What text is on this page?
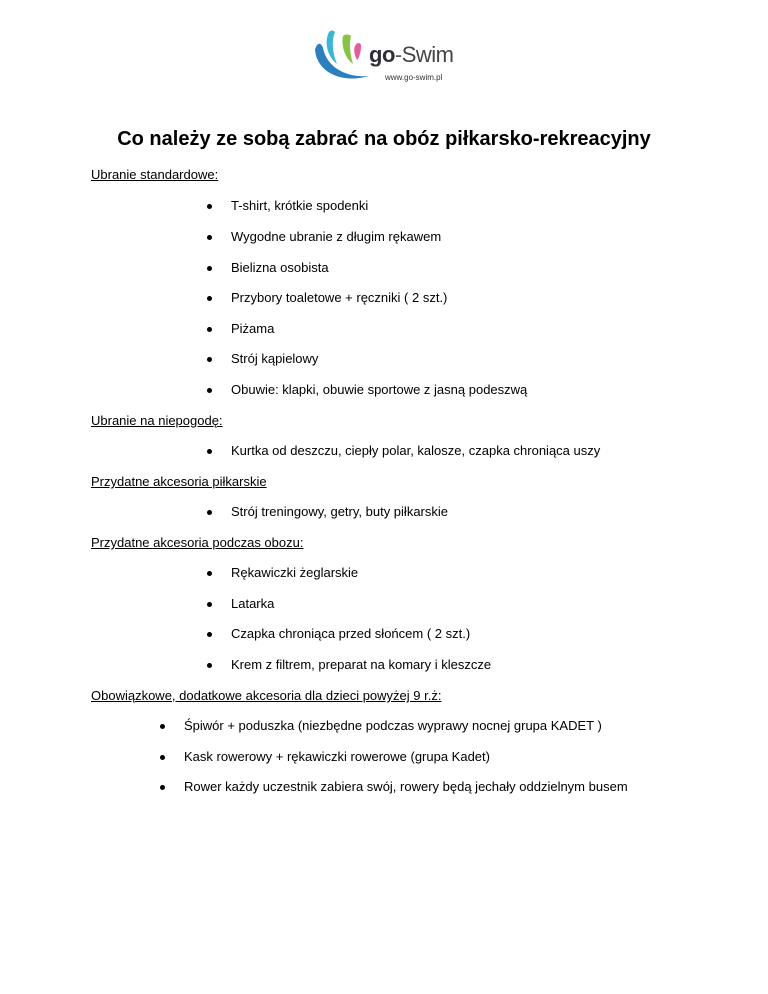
go-Swim
www.go-swim.pl
Co należy ze sobą zabrać na obóz piłkarsko-rekreacyjny
Ubranie standardowe:
T-shirt, krótkie spodenki
Wygodne ubranie z długim rękawem
Bielizna osobista
Przybory toaletowe + ręczniki ( 2 szt.)
Piżama
Strój kąpielowy
Obuwie: klapki, obuwie sportowe z jasną podeszwą
Ubranie na niepogodę:
Kurtka od deszczu, ciepły polar, kalosze, czapka chroniąca uszy
Przydatne akcesoria piłkarskie
Strój treningowy, getry, buty piłkarskie
Przydatne akcesoria podczas obozu:
Rękawiczki żeglarskie
Latarka
Czapka chroniąca przed słońcem ( 2 szt.)
Krem z filtrem, preparat na komary i kleszcze
Obowiązkowe, dodatkowe akcesoria dla dzieci powyżej 9 r.ż:
Śpiwór + poduszka (niezbędne podczas wyprawy nocnej grupa KADET )
Kask rowerowy + rękawiczki rowerowe (grupa Kadet)
Rower każdy uczestnik zabiera swój, rowery będą jechały oddzielnym busem
